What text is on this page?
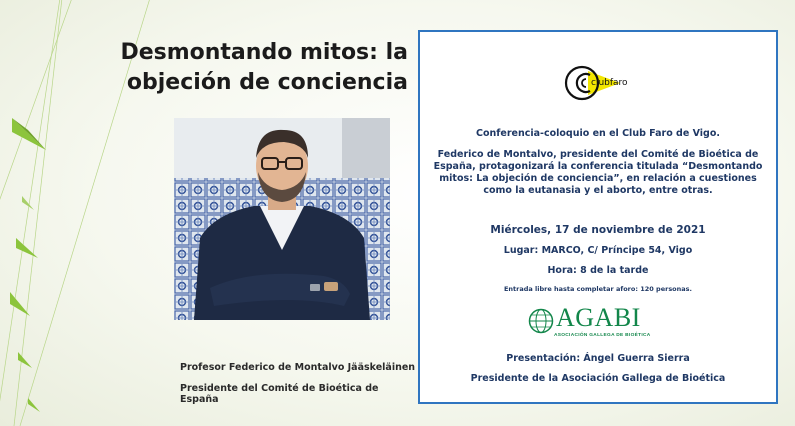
Desmontando mitos: la objeción de conciencia
Profesor Federico de Montalvo Jääskeläinen
Presidente del Comité de Bioética de España
clubfaro
Conferencia-coloquio en el Club Faro de Vigo.
Federico de Montalvo, presidente del Comité de Bioética de España, protagonizará la conferencia titulada “Desmontando mitos: La objeción de conciencia”, en relación a cuestiones como la eutanasia y el aborto, entre otras.
Miércoles, 17 de noviembre de 2021
Lugar: MARCO, C/ Príncipe 54, Vigo
Hora: 8 de la tarde
Entrada libre hasta completar aforo: 120 personas.
AGABI
ASOCIACIÓN GALLEGA DE BIOÉTICA
Presentación: Ángel Guerra Sierra
Presidente de la Asociación Gallega de Bioética
